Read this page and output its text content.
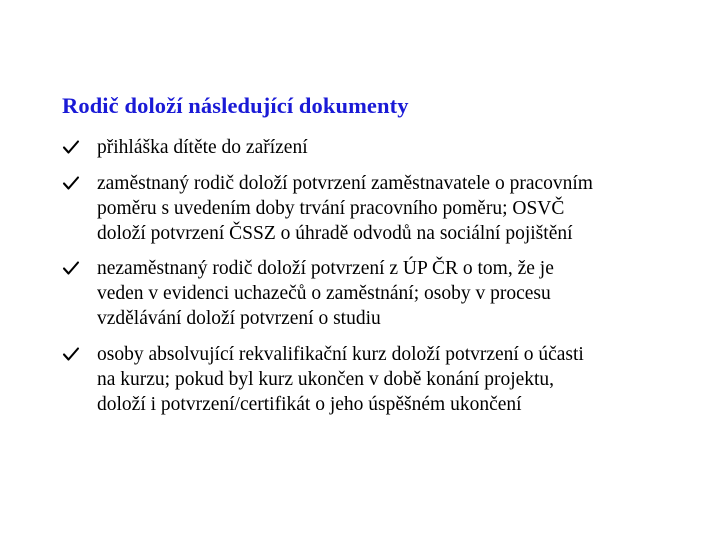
Rodič doloží následující dokumenty
přihláška dítěte do zařízení
zaměstnaný rodič doloží potvrzení zaměstnavatele o pracovním
poměru s uvedením doby trvání pracovního poměru; OSVČ
doloží potvrzení ČSSZ o úhradě odvodů na sociální pojištění
nezaměstnaný rodič doloží potvrzení z ÚP ČR o tom, že je
veden v evidenci uchazečů o zaměstnání; osoby v procesu
vzdělávání doloží potvrzení o studiu
osoby absolvující rekvalifikační kurz doloží potvrzení o účasti
na kurzu; pokud byl kurz ukončen v době konání projektu,
doloží i potvrzení/certifikát o jeho úspěšném ukončení
